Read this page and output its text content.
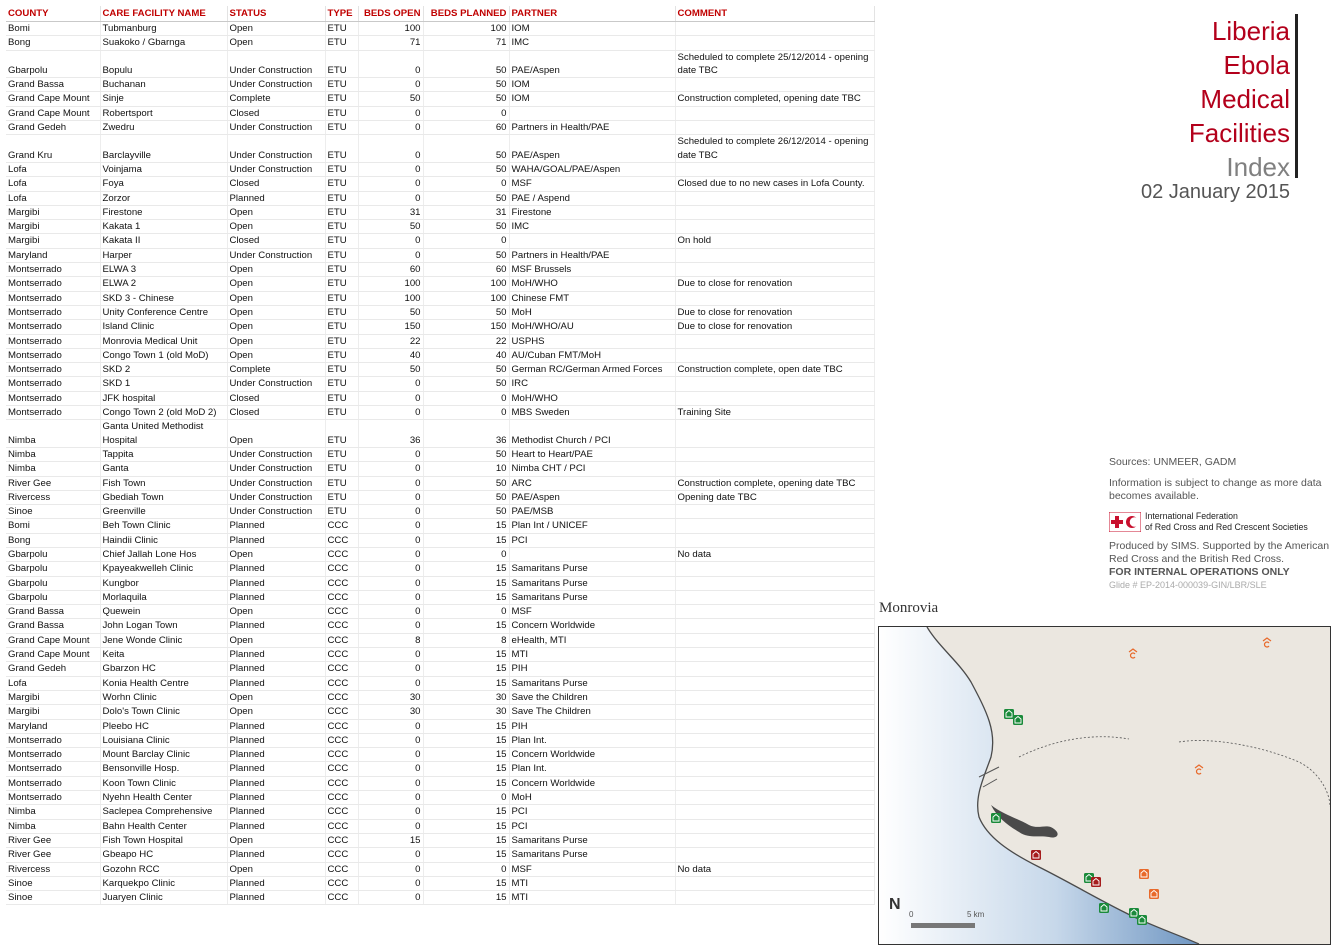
COUNTY	CARE FACILITY NAME	STATUS	TYPE	BEDS OPEN	BEDS PLANNED	PARTNER	COMMENT
Bomi	Tubmanburg	Open	ETU	100	100	IOM	
Bong	Suakoko / Gbarnga	Open	ETU	71	71	IMC	
Gbarpolu	Bopulu	Under Construction	ETU	0	50	PAE/Aspen	Scheduled to complete 25/12/2014 - opening date TBC
Grand Bassa	Buchanan	Under Construction	ETU	0	50	IOM	
Grand Cape Mount	Sinje	Complete	ETU	50	50	IOM	Construction completed, opening date TBC
Grand Cape Mount	Robertsport	Closed	ETU	0	0		
Grand Gedeh	Zwedru	Under Construction	ETU	0	60	Partners in Health/PAE	
Grand Kru	Barclayville	Under Construction	ETU	0	50	PAE/Aspen	Scheduled to complete 26/12/2014 - opening date TBC
Lofa	Voinjama	Under Construction	ETU	0	50	WAHA/GOAL/PAE/Aspen	
Lofa	Foya	Closed	ETU	0	0	MSF	Closed due to no new cases in Lofa County.
Lofa	Zorzor	Planned	ETU	0	50	PAE / Aspend	
Margibi	Firestone	Open	ETU	31	31	Firestone	
Margibi	Kakata 1	Open	ETU	50	50	IMC	
Margibi	Kakata II	Closed	ETU	0	0		On hold
Maryland	Harper	Under Construction	ETU	0	50	Partners in Health/PAE	
Montserrado	ELWA 3	Open	ETU	60	60	MSF Brussels	
Montserrado	ELWA 2	Open	ETU	100	100	MoH/WHO	Due to close for renovation
Montserrado	SKD 3 - Chinese	Open	ETU	100	100	Chinese FMT	
Montserrado	Unity Conference Centre	Open	ETU	50	50	MoH	Due to close for renovation
Montserrado	Island Clinic	Open	ETU	150	150	MoH/WHO/AU	Due to close for renovation
Montserrado	Monrovia Medical Unit	Open	ETU	22	22	USPHS	
Montserrado	Congo Town 1 (old MoD)	Open	ETU	40	40	AU/Cuban FMT/MoH	
Montserrado	SKD 2	Complete	ETU	50	50	German RC/German Armed Forces	Construction complete, open date TBC
Montserrado	SKD 1	Under Construction	ETU	0	50	IRC	
Montserrado	JFK hospital	Closed	ETU	0	0	MoH/WHO	
Montserrado	Congo Town 2 (old MoD 2)	Closed	ETU	0	0	MBS Sweden	Training Site
Nimba	Ganta United Methodist Hospital	Open	ETU	36	36	Methodist Church / PCI	
Nimba	Tappita	Under Construction	ETU	0	50	Heart to Heart/PAE	
Nimba	Ganta	Under Construction	ETU	0	10	Nimba CHT / PCI	
River Gee	Fish Town	Under Construction	ETU	0	50	ARC	Construction complete, opening date TBC
Rivercess	Gbediah Town	Under Construction	ETU	0	50	PAE/Aspen	Opening date TBC
Sinoe	Greenville	Under Construction	ETU	0	50	PAE/MSB	
Bomi	Beh Town Clinic	Planned	CCC	0	15	Plan Int / UNICEF	
Bong	Haindii Clinic	Planned	CCC	0	15	PCI	
Gbarpolu	Chief Jallah Lone Hos	Open	CCC	0	0		No data
Gbarpolu	Kpayeakwelleh Clinic	Planned	CCC	0	15	Samaritans Purse	
Gbarpolu	Kungbor	Planned	CCC	0	15	Samaritans Purse	
Gbarpolu	Morlaquila	Planned	CCC	0	15	Samaritans Purse	
Grand Bassa	Quewein	Open	CCC	0	0	MSF	
Grand Bassa	John Logan Town	Planned	CCC	0	15	Concern Worldwide	
Grand Cape Mount	Jene Wonde Clinic	Open	CCC	8	8	eHealth, MTI	
Grand Cape Mount	Keita	Planned	CCC	0	15	MTI	
Grand Gedeh	Gbarzon HC	Planned	CCC	0	15	PIH	
Lofa	Konia Health Centre	Planned	CCC	0	15	Samaritans Purse	
Margibi	Worhn Clinic	Open	CCC	30	30	Save the Children	
Margibi	Dolo's Town Clinic	Open	CCC	30	30	Save The Children	
Maryland	Pleebo HC	Planned	CCC	0	15	PIH	
Montserrado	Louisiana Clinic	Planned	CCC	0	15	Plan Int.	
Montserrado	Mount Barclay Clinic	Planned	CCC	0	15	Concern Worldwide	
Montserrado	Bensonville Hosp.	Planned	CCC	0	15	Plan Int.	
Montserrado	Koon Town Clinic	Planned	CCC	0	15	Concern Worldwide	
Montserrado	Nyehn Health Center	Planned	CCC	0	0	MoH	
Nimba	Saclepea Comprehensive	Planned	CCC	0	15	PCI	
Nimba	Bahn Health Center	Planned	CCC	0	15	PCI	
River Gee	Fish Town Hospital	Open	CCC	15	15	Samaritans Purse	
River Gee	Gbeapo HC	Planned	CCC	0	15	Samaritans Purse	
Rivercess	Gozohn RCC	Open	CCC	0	0	MSF	No data
Sinoe	Karquekpo Clinic	Planned	CCC	0	15	MTI	
Sinoe	Juaryen Clinic	Planned	CCC	0	15	MTI	
Liberia
Ebola
Medical
Facilities
Index
02 January 2015
Sources: UNMEER, GADM
Information is subject to change as more data becomes available.
International Federation
of Red Cross and Red Crescent Societies
Produced by SIMS. Supported by the American Red Cross and the British Red Cross.
FOR INTERNAL OPERATIONS ONLY
Glide # EP-2014-000039-GIN/LBR/SLE
Monrovia
N
0	5 km
